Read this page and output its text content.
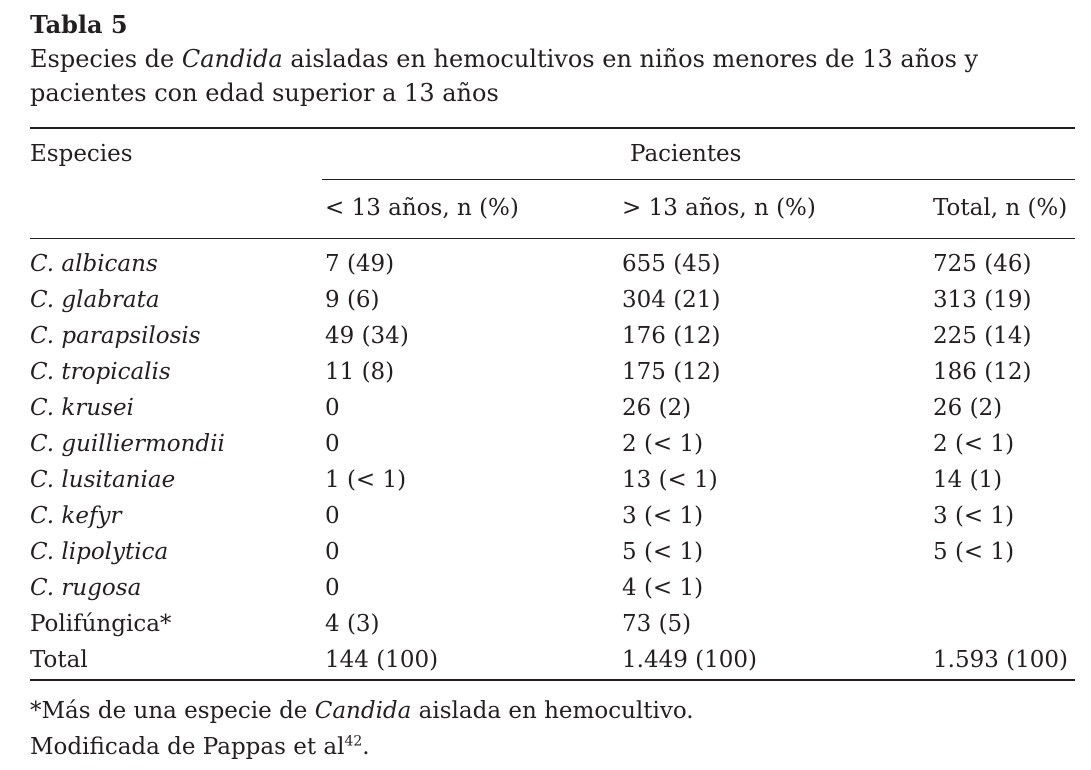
Tabla 5

Especies de Candida aisladas en hemocultivos en niños menores de 13 años y

pacientes con edad superior a 13 años

Especies	Pacientes
< 13 años, n (%)	> 13 años, n (%)	Total, n (%)
C. albicans	7 (49)	655 (45)	725 (46)
C. glabrata	9 (6)	304 (21)	313 (19)
C. parapsilosis	49 (34)	176 (12)	225 (14)
C. tropicalis	11 (8)	175 (12)	186 (12)
C. krusei	0	26 (2)	26 (2)
C. guilliermondii	0	2 (< 1)	2 (< 1)
C. lusitaniae	1 (< 1)	13 (< 1)	14 (1)
C. kefyr	0	3 (< 1)	3 (< 1)
C. lipolytica	0	5 (< 1)	5 (< 1)
C. rugosa	0	4 (< 1)
Polifúngica*	4 (3)	73 (5)
Total	144 (100)	1.449 (100)	1.593 (100)
*Más de una especie de Candida aislada en hemocultivo.
Modificada de Pappas et $al^{42}$.
